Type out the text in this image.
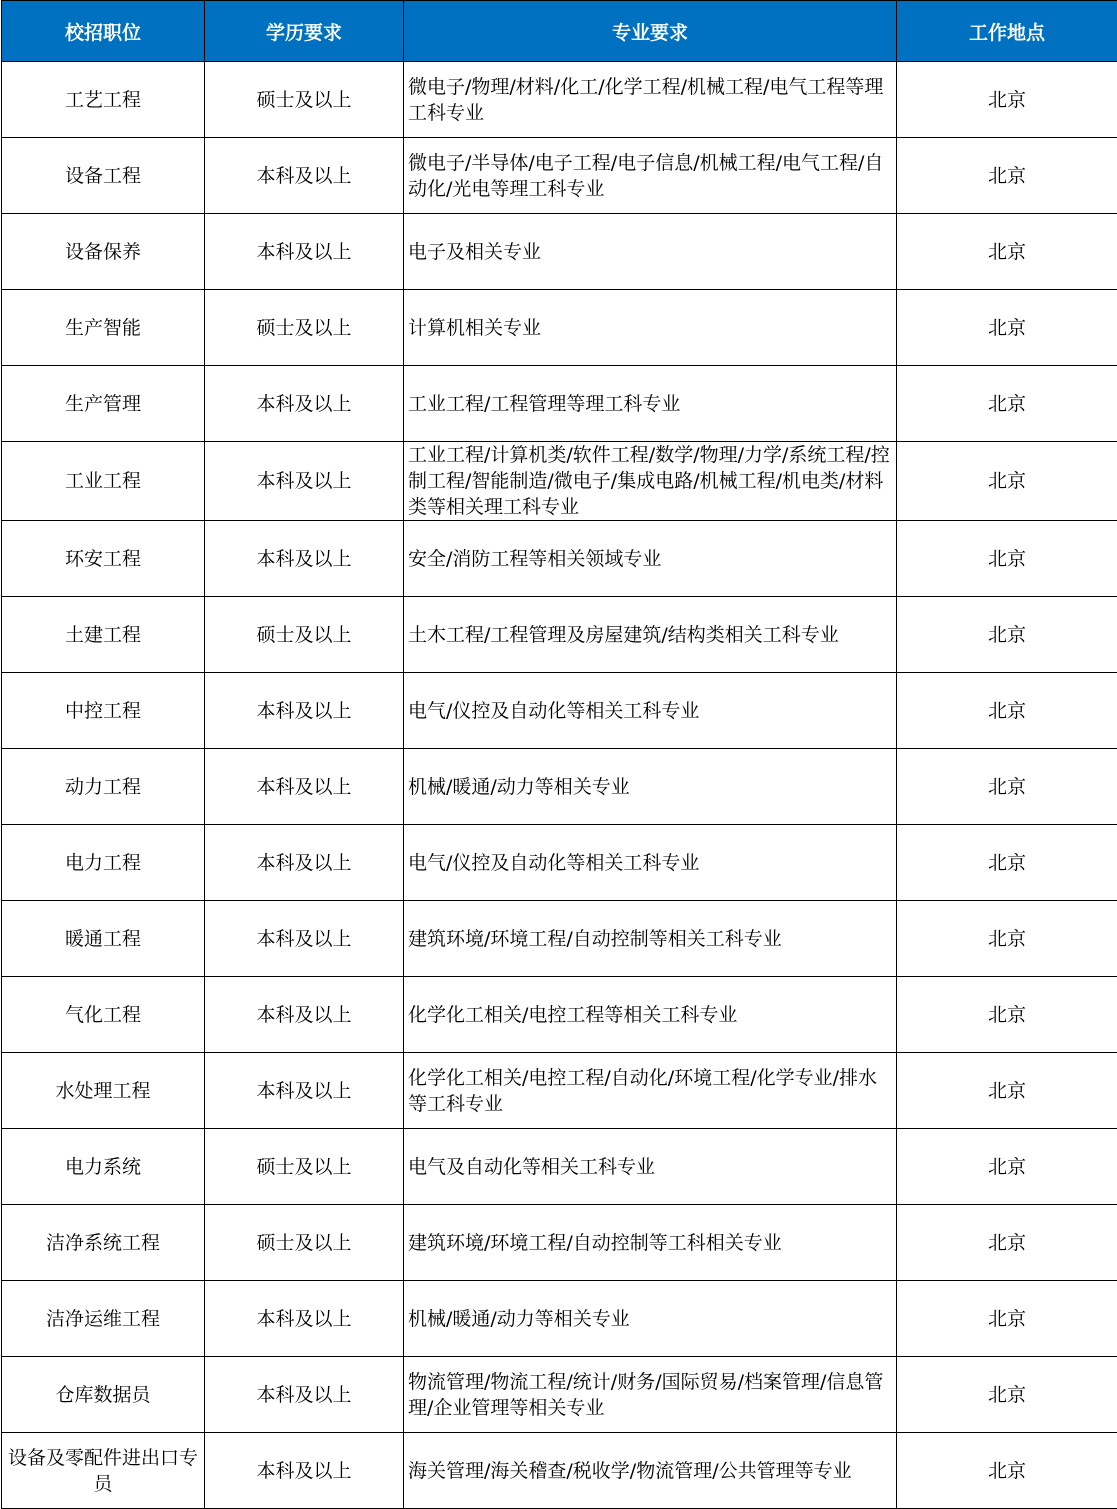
校招职位	学历要求	专业要求	工作地点
工艺工程	硕士及以上	微电子/物理/材料/化工/化学工程/机械工程/电气工程等理工科专业	北京
设备工程	本科及以上	微电子/半导体/电子工程/电子信息/机械工程/电气工程/自动化/光电等理工科专业	北京
设备保养	本科及以上	电子及相关专业	北京
生产智能	硕士及以上	计算机相关专业	北京
生产管理	本科及以上	工业工程/工程管理等理工科专业	北京
工业工程	本科及以上	工业工程/计算机类/软件工程/数学/物理/力学/系统工程/控制工程/智能制造/微电子/集成电路/机械工程/机电类/材料类等相关理工科专业	北京
环安工程	本科及以上	安全/消防工程等相关领域专业	北京
土建工程	硕士及以上	土木工程/工程管理及房屋建筑/结构类相关工科专业	北京
中控工程	本科及以上	电气/仪控及自动化等相关工科专业	北京
动力工程	本科及以上	机械/暖通/动力等相关专业	北京
电力工程	本科及以上	电气/仪控及自动化等相关工科专业	北京
暖通工程	本科及以上	建筑环境/环境工程/自动控制等相关工科专业	北京
气化工程	本科及以上	化学化工相关/电控工程等相关工科专业	北京
水处理工程	本科及以上	化学化工相关/电控工程/自动化/环境工程/化学专业/排水等工科专业	北京
电力系统	硕士及以上	电气及自动化等相关工科专业	北京
洁净系统工程	硕士及以上	建筑环境/环境工程/自动控制等工科相关专业	北京
洁净运维工程	本科及以上	机械/暖通/动力等相关专业	北京
仓库数据员	本科及以上	物流管理/物流工程/统计/财务/国际贸易/档案管理/信息管理/企业管理等相关专业	北京
设备及零配件进出口专员	本科及以上	海关管理/海关稽查/税收学/物流管理/公共管理等专业	北京
